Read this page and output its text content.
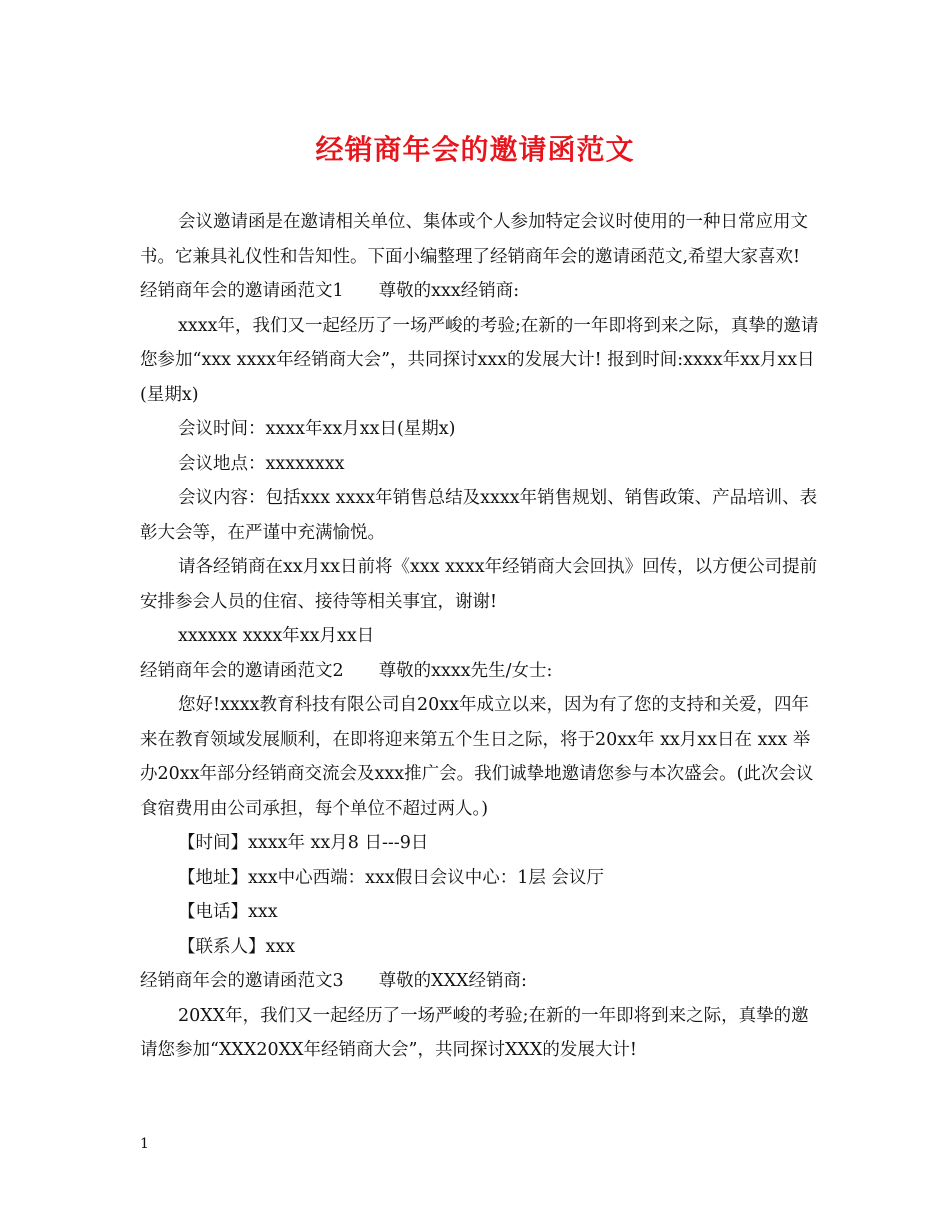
经销商年会的邀请函范文

会议邀请函是在邀请相关单位、集体或个人参加特定会议时使用的一种日常应用文书。它兼具礼仪性和告知性。下面小编整理了经销商年会的邀请函范文,希望大家喜欢!

经销商年会的邀请函范文1　　尊敬的xxx经销商:

xxxx年，我们又一起经历了一场严峻的考验;在新的一年即将到来之际，真挚的邀请您参加“xxx xxxx年经销商大会”，共同探讨xxx的发展大计! 报到时间:xxxx年xx月xx日(星期x)

会议时间：xxxx年xx月xx日(星期x)

会议地点：xxxxxxxx

会议内容：包括xxx xxxx年销售总结及xxxx年销售规划、销售政策、产品培训、表彰大会等，在严谨中充满愉悦。

请各经销商在xx月xx日前将《xxx xxxx年经销商大会回执》回传，以方便公司提前安排参会人员的住宿、接待等相关事宜，谢谢!

xxxxxx xxxx年xx月xx日

经销商年会的邀请函范文2　　尊敬的xxxx先生/女士:

您好!xxxx教育科技有限公司自20xx年成立以来，因为有了您的支持和关爱，四年来在教育领域发展顺利，在即将迎来第五个生日之际，将于20xx年 xx月xx日在 xxx 举办20xx年部分经销商交流会及xxx推广会。我们诚挚地邀请您参与本次盛会。(此次会议食宿费用由公司承担，每个单位不超过两人。)

【时间】xxxx年 xx月8 日---9日

【地址】xxx中心西端：xxx假日会议中心：1层 会议厅

【电话】xxx

【联系人】xxx

经销商年会的邀请函范文3　　尊敬的XXX经销商:

20XX年，我们又一起经历了一场严峻的考验;在新的一年即将到来之际，真挚的邀请您参加“XXX20XX年经销商大会”，共同探讨XXX的发展大计!

1
